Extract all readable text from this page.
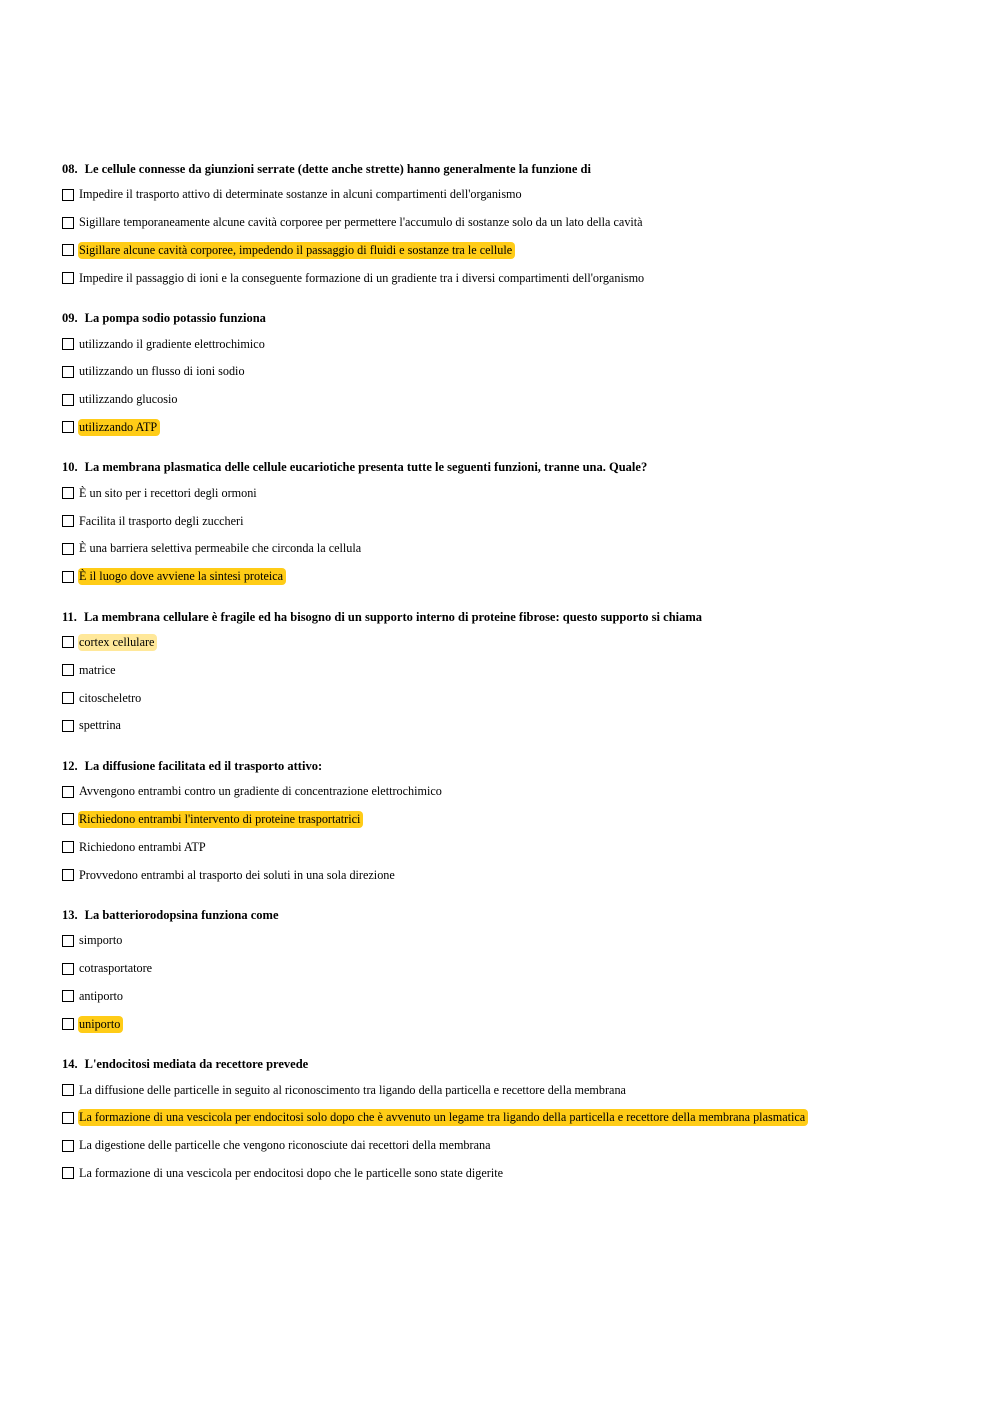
08. Le cellule connesse da giunzioni serrate (dette anche strette) hanno generalmente la funzione di
Impedire il trasporto attivo di determinate sostanze in alcuni compartimenti dell'organismo
Sigillare temporaneamente alcune cavità corporee per permettere l'accumulo di sostanze solo da un lato della cavità
Sigillare alcune cavità corporee, impedendo il passaggio di fluidi e sostanze tra le cellule
Impedire il passaggio di ioni e la conseguente formazione di un gradiente tra i diversi compartimenti dell'organismo
09. La pompa sodio potassio funziona
utilizzando il gradiente elettrochimico
utilizzando un flusso di ioni sodio
utilizzando glucosio
utilizzando ATP
10. La membrana plasmatica delle cellule eucariotiche presenta tutte le seguenti funzioni, tranne una. Quale?
È un sito per i recettori degli ormoni
Facilita il trasporto degli zuccheri
È una barriera selettiva permeabile che circonda la cellula
È il luogo dove avviene la sintesi proteica
11. La membrana cellulare è fragile ed ha bisogno di un supporto interno di proteine fibrose: questo supporto si chiama
cortex cellulare
matrice
citoscheletro
spettrina
12. La diffusione facilitata ed il trasporto attivo:
Avvengono entrambi contro un gradiente di concentrazione elettrochimico
Richiedono entrambi l'intervento di proteine trasportatrici
Richiedono entrambi ATP
Provvedono entrambi al trasporto dei soluti in una sola direzione
13. La batteriorodopsina funziona come
simporto
cotrasportatore
antiporto
uniporto
14. L'endocitosi mediata da recettore prevede
La diffusione delle particelle in seguito al riconoscimento tra ligando della particella e recettore della membrana
La formazione di una vescicola per endocitosi solo dopo che è avvenuto un legame tra ligando della particella e recettore della membrana plasmatica
La digestione delle particelle che vengono riconosciute dai recettori della membrana
La formazione di una vescicola per endocitosi dopo che le particelle sono state digerite
